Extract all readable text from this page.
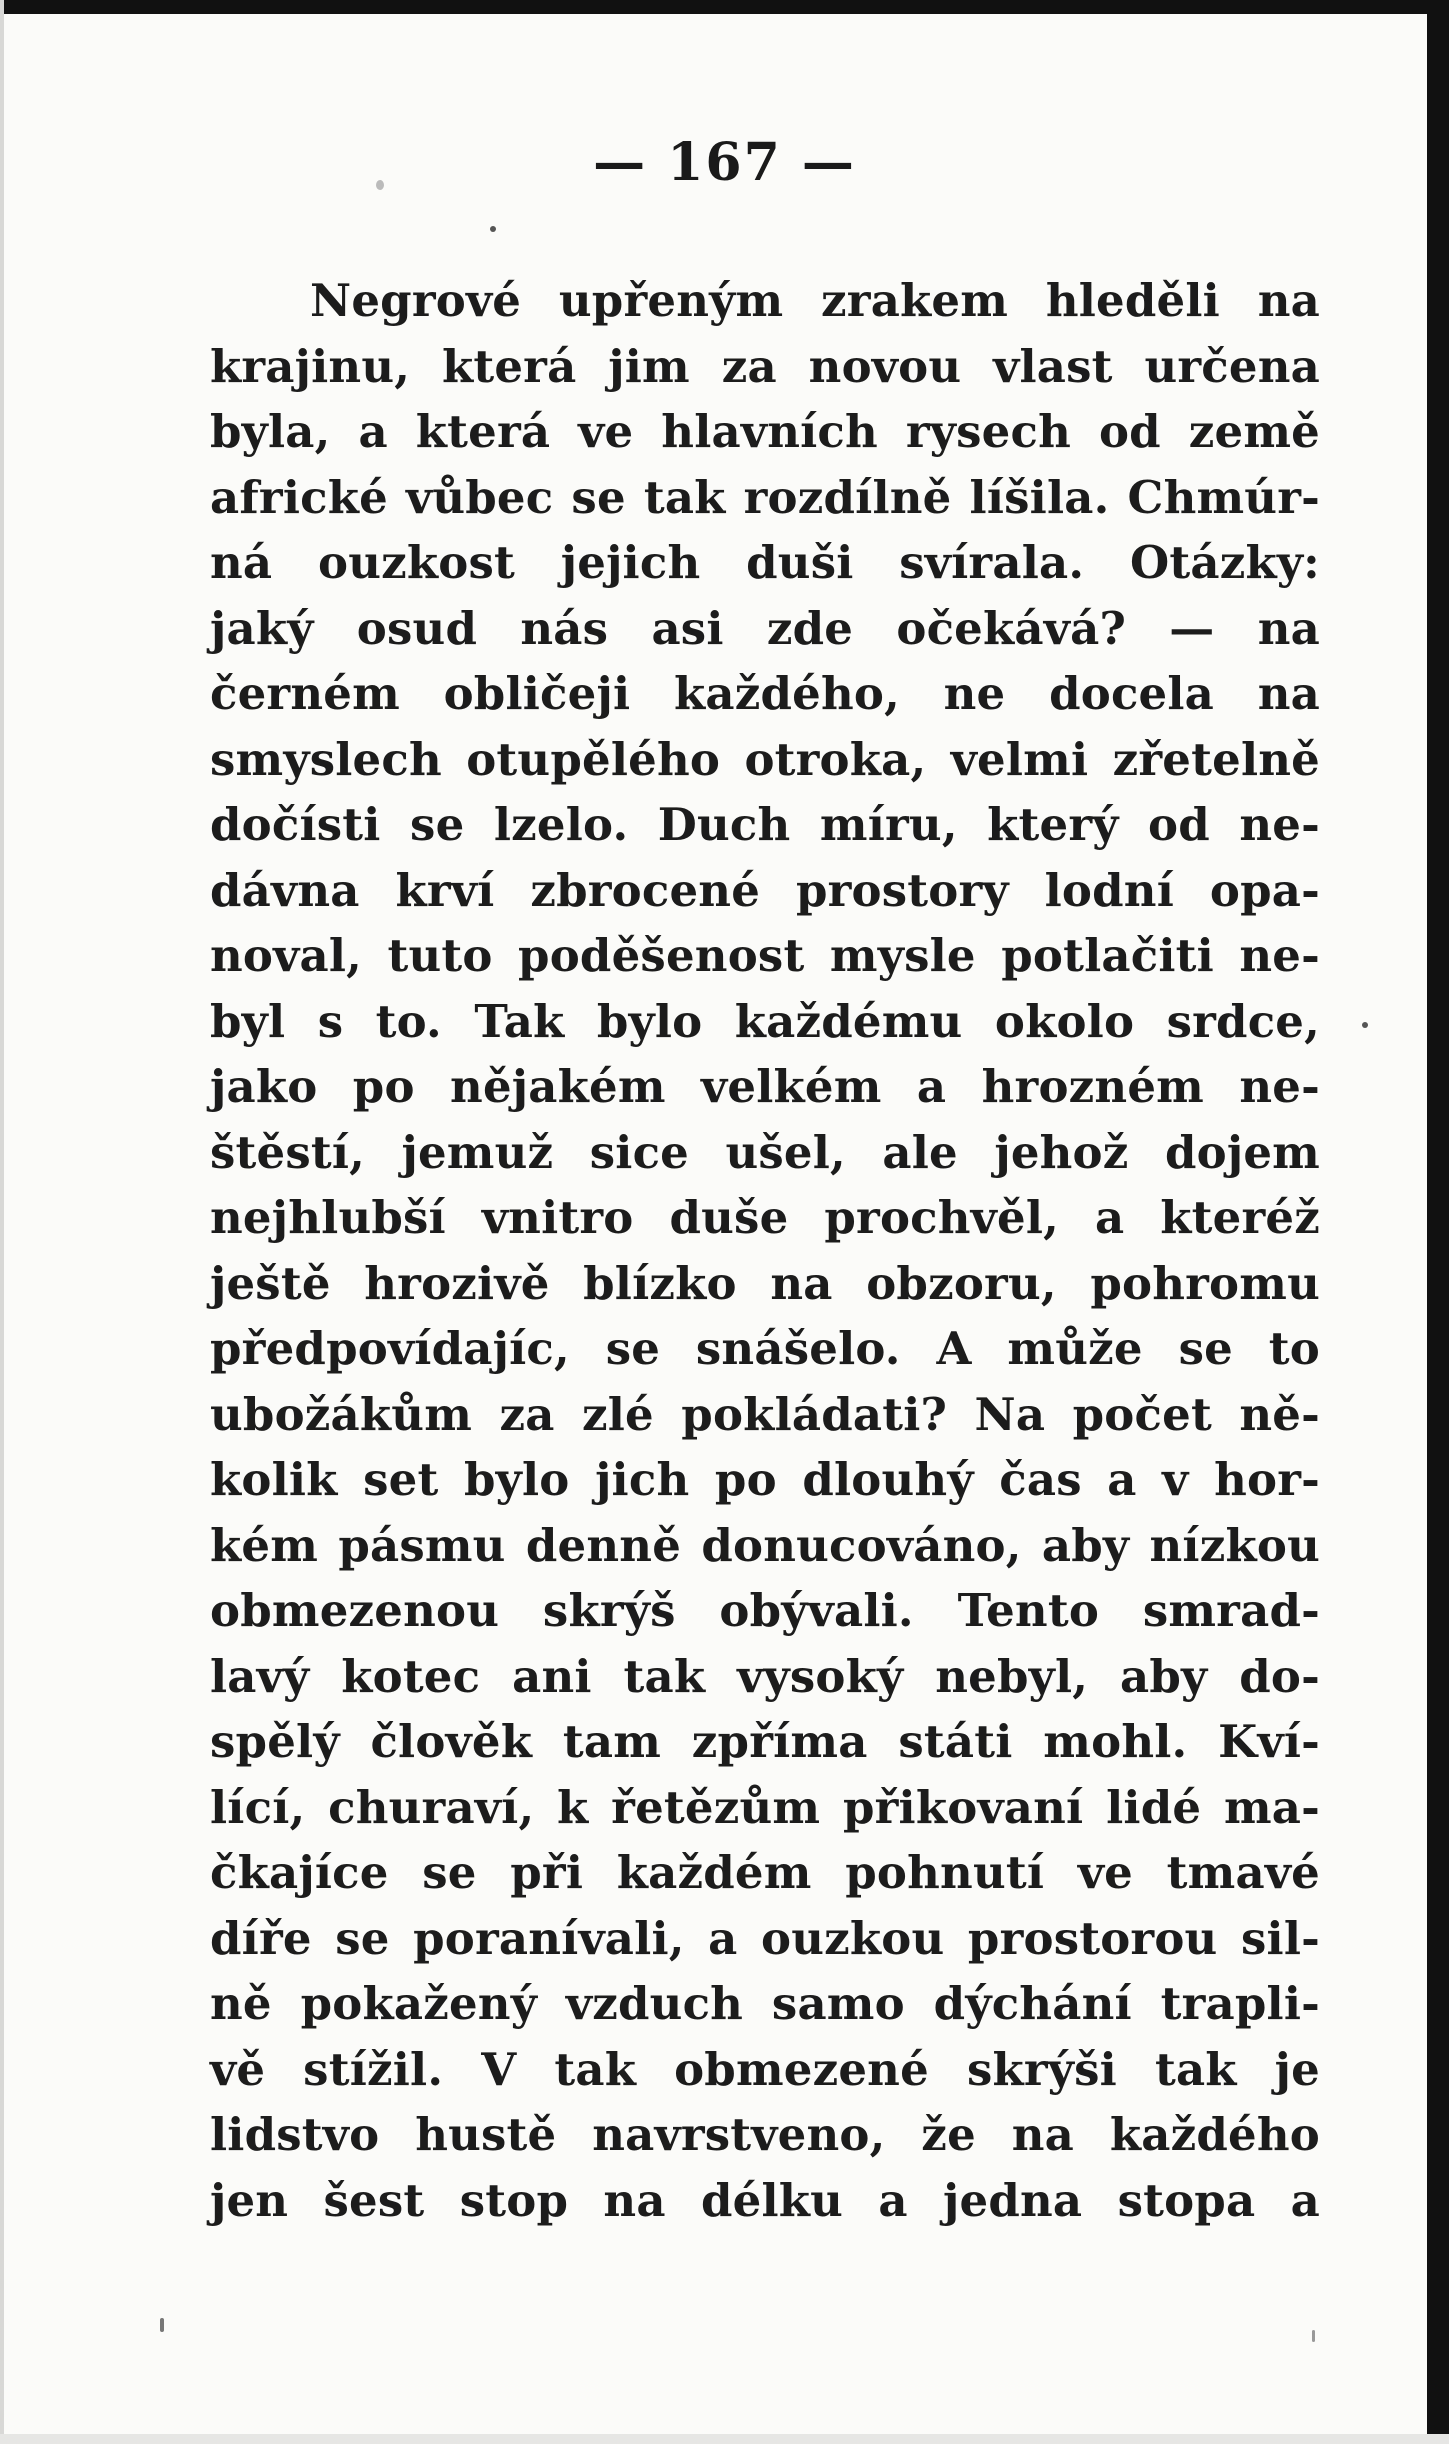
— 167 —
Negrové upřeným zrakem hleděli na
krajinu, která jim za novou vlast určena
byla, a která ve hlavních rysech od země
africké vůbec se tak rozdílně líšila. Chmúr-
ná ouzkost jejich duši svírala. Otázky:
jaký osud nás asi zde očekává? — na
černém obličeji každého, ne docela na
smyslech otupělého otroka, velmi zřetelně
dočísti se lzelo. Duch míru, který od ne-
dávna krví zbrocené prostory lodní opa-
noval, tuto poděšenost mysle potlačiti ne-
byl s to. Tak bylo každému okolo srdce,
jako po nějakém velkém a hrozném ne-
štěstí, jemuž sice ušel, ale jehož dojem
nejhlubší vnitro duše prochvěl, a kteréž
ještě hrozivě blízko na obzoru, pohromu
předpovídajíc, se snášelo. A může se to
ubožákům za zlé pokládati? Na počet ně-
kolik set bylo jich po dlouhý čas a v hor-
kém pásmu denně donucováno, aby nízkou
obmezenou skrýš obývali. Tento smrad-
lavý kotec ani tak vysoký nebyl, aby do-
spělý člověk tam zpříma státi mohl. Kví-
lící, churaví, k řetězům přikovaní lidé ma-
čkajíce se při každém pohnutí ve tmavé
díře se poranívali, a ouzkou prostorou sil-
ně pokažený vzduch samo dýchání trapli-
vě stížil. V tak obmezené skrýši tak je
lidstvo hustě navrstveno, že na každého
jen šest stop na délku a jedna stopa a
